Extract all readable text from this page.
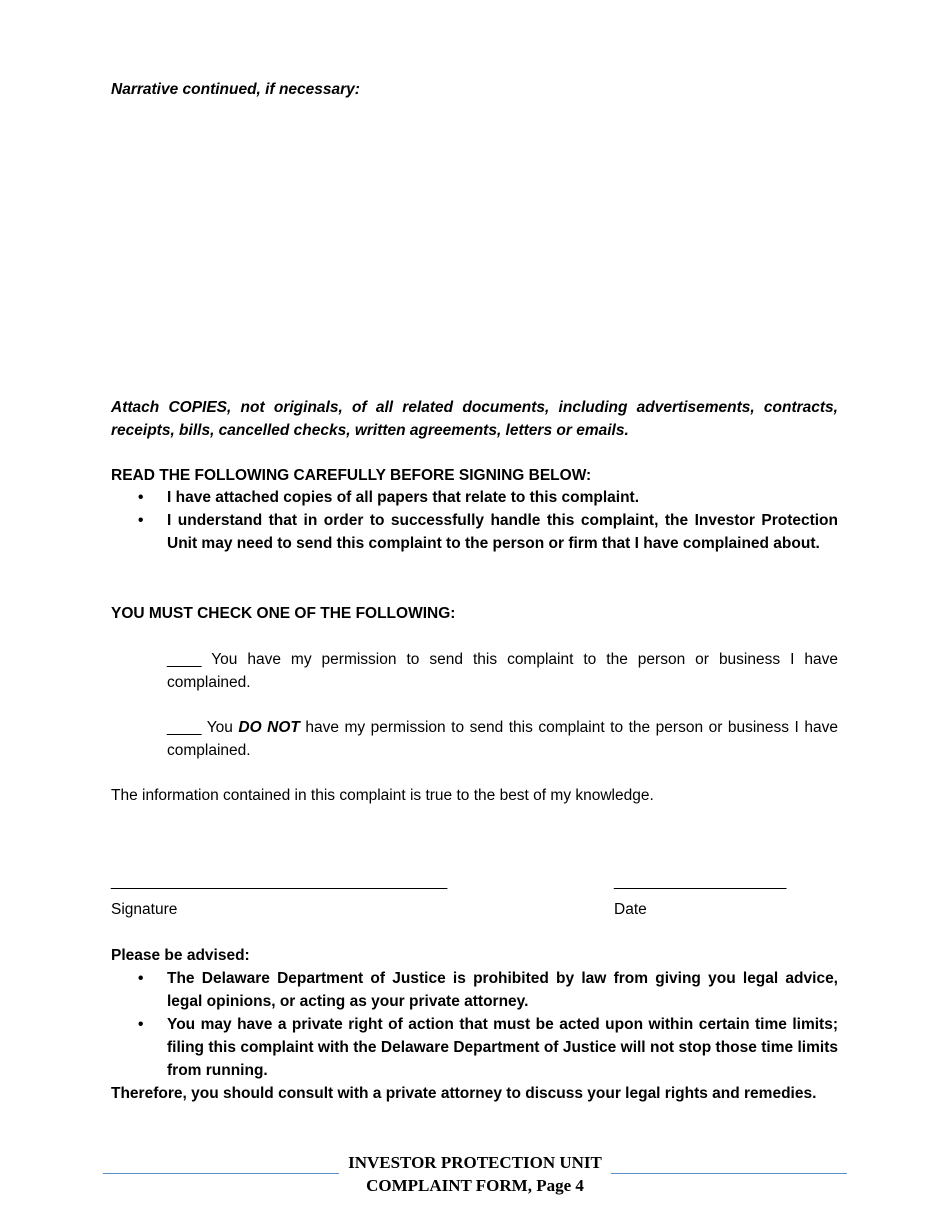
Narrative continued, if necessary:

Attach COPIES, not originals, of all related documents, including advertisements, contracts, receipts, bills, cancelled checks, written agreements, letters or emails.

READ THE FOLLOWING CAREFULLY BEFORE SIGNING BELOW:

• I have attached copies of all papers that relate to this complaint.
• I understand that in order to successfully handle this complaint, the Investor Protection Unit may need to send this complaint to the person or firm that I have complained about.

YOU MUST CHECK ONE OF THE FOLLOWING:

____ You have my permission to send this complaint to the person or business I have complained.

____ You DO NOT have my permission to send this complaint to the person or business I have complained.

The information contained in this complaint is true to the best of my knowledge.

_______________________________________	____________________

Signature	Date

Please be advised:

• The Delaware Department of Justice is prohibited by law from giving you legal advice, legal opinions, or acting as your private attorney.
• You may have a private right of action that must be acted upon within certain time limits; filing this complaint with the Delaware Department of Justice will not stop those time limits from running.

Therefore, you should consult with a private attorney to discuss your legal rights and remedies.

INVESTOR PROTECTION UNIT
COMPLAINT FORM, Page 4
